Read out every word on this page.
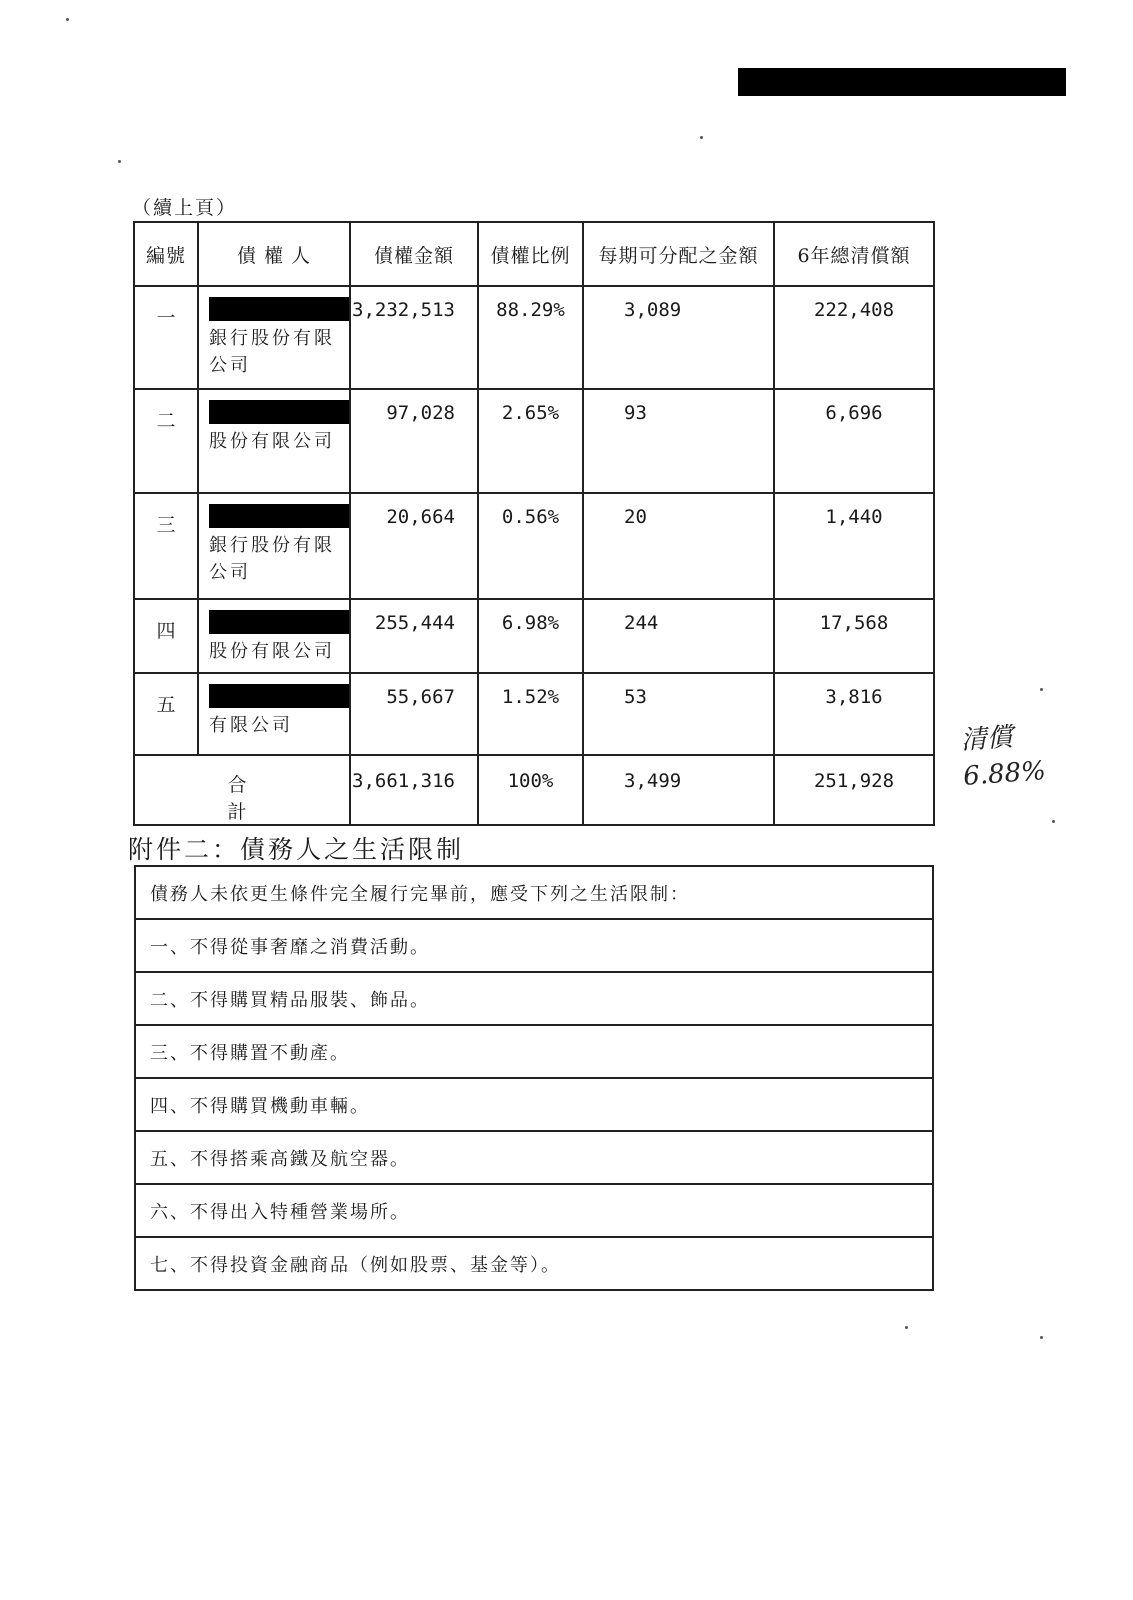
（續上頁）
編號	債 權 人	債權金額	債權比例	每期可分配之金額	6年總清償額
一	銀行股份有限公司	3,232,513	88.29%	3,089	222,408
二	股份有限公司	97,028	2.65%	93	6,696
三	銀行股份有限公司	20,664	0.56%	20	1,440
四	股份有限公司	255,444	6.98%	244	17,568
五	有限公司	55,667	1.52%	53	3,816
合 計		3,661,316	100%	3,499	251,928
清償
6.88%
附件二：債務人之生活限制
債務人未依更生條件完全履行完畢前，應受下列之生活限制：
一、不得從事奢靡之消費活動。
二、不得購買精品服裝、飾品。
三、不得購置不動產。
四、不得購買機動車輛。
五、不得搭乘高鐵及航空器。
六、不得出入特種營業場所。
七、不得投資金融商品（例如股票、基金等）。
